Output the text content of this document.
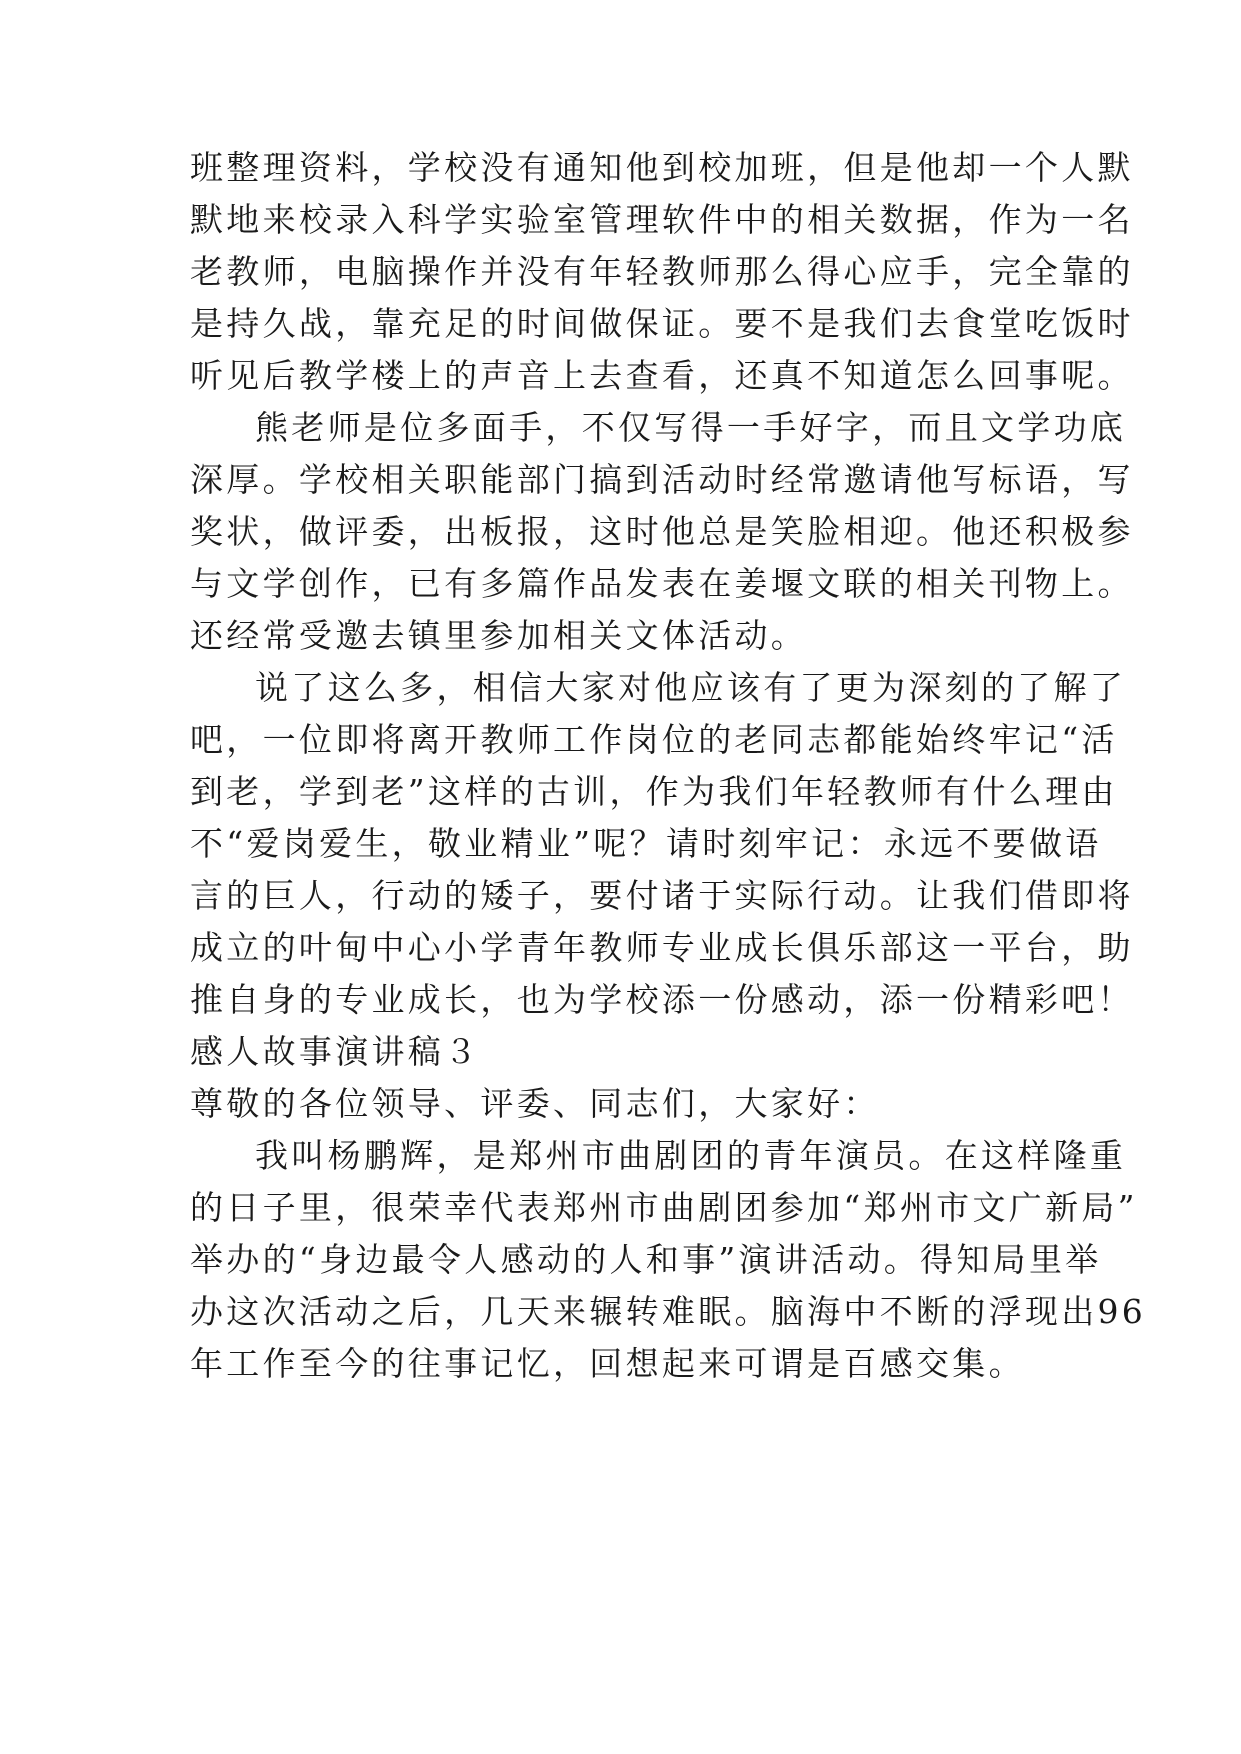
班整理资料，学校没有通知他到校加班，但是他却一个人默
默地来校录入科学实验室管理软件中的相关数据，作为一名
老教师，电脑操作并没有年轻教师那么得心应手，完全靠的
是持久战，靠充足的时间做保证。要不是我们去食堂吃饭时
听见后教学楼上的声音上去查看，还真不知道怎么回事呢。
熊老师是位多面手，不仅写得一手好字，而且文学功底
深厚。学校相关职能部门搞到活动时经常邀请他写标语，写
奖状，做评委，出板报，这时他总是笑脸相迎。他还积极参
与文学创作，已有多篇作品发表在姜堰文联的相关刊物上。
还经常受邀去镇里参加相关文体活动。
说了这么多，相信大家对他应该有了更为深刻的了解了
吧，一位即将离开教师工作岗位的老同志都能始终牢记“活
到老，学到老”这样的古训，作为我们年轻教师有什么理由
不“爱岗爱生，敬业精业”呢？请时刻牢记：永远不要做语
言的巨人，行动的矮子，要付诸于实际行动。让我们借即将
成立的叶甸中心小学青年教师专业成长俱乐部这一平台，助
推自身的专业成长，也为学校添一份感动，添一份精彩吧！
感人故事演讲稿３
尊敬的各位领导、评委、同志们，大家好：
我叫杨鹏辉，是郑州市曲剧团的青年演员。在这样隆重
的日子里，很荣幸代表郑州市曲剧团参加“郑州市文广新局”
举办的“身边最令人感动的人和事”演讲活动。得知局里举
办这次活动之后，几天来辗转难眠。脑海中不断的浮现出96
年工作至今的往事记忆，回想起来可谓是百感交集。
